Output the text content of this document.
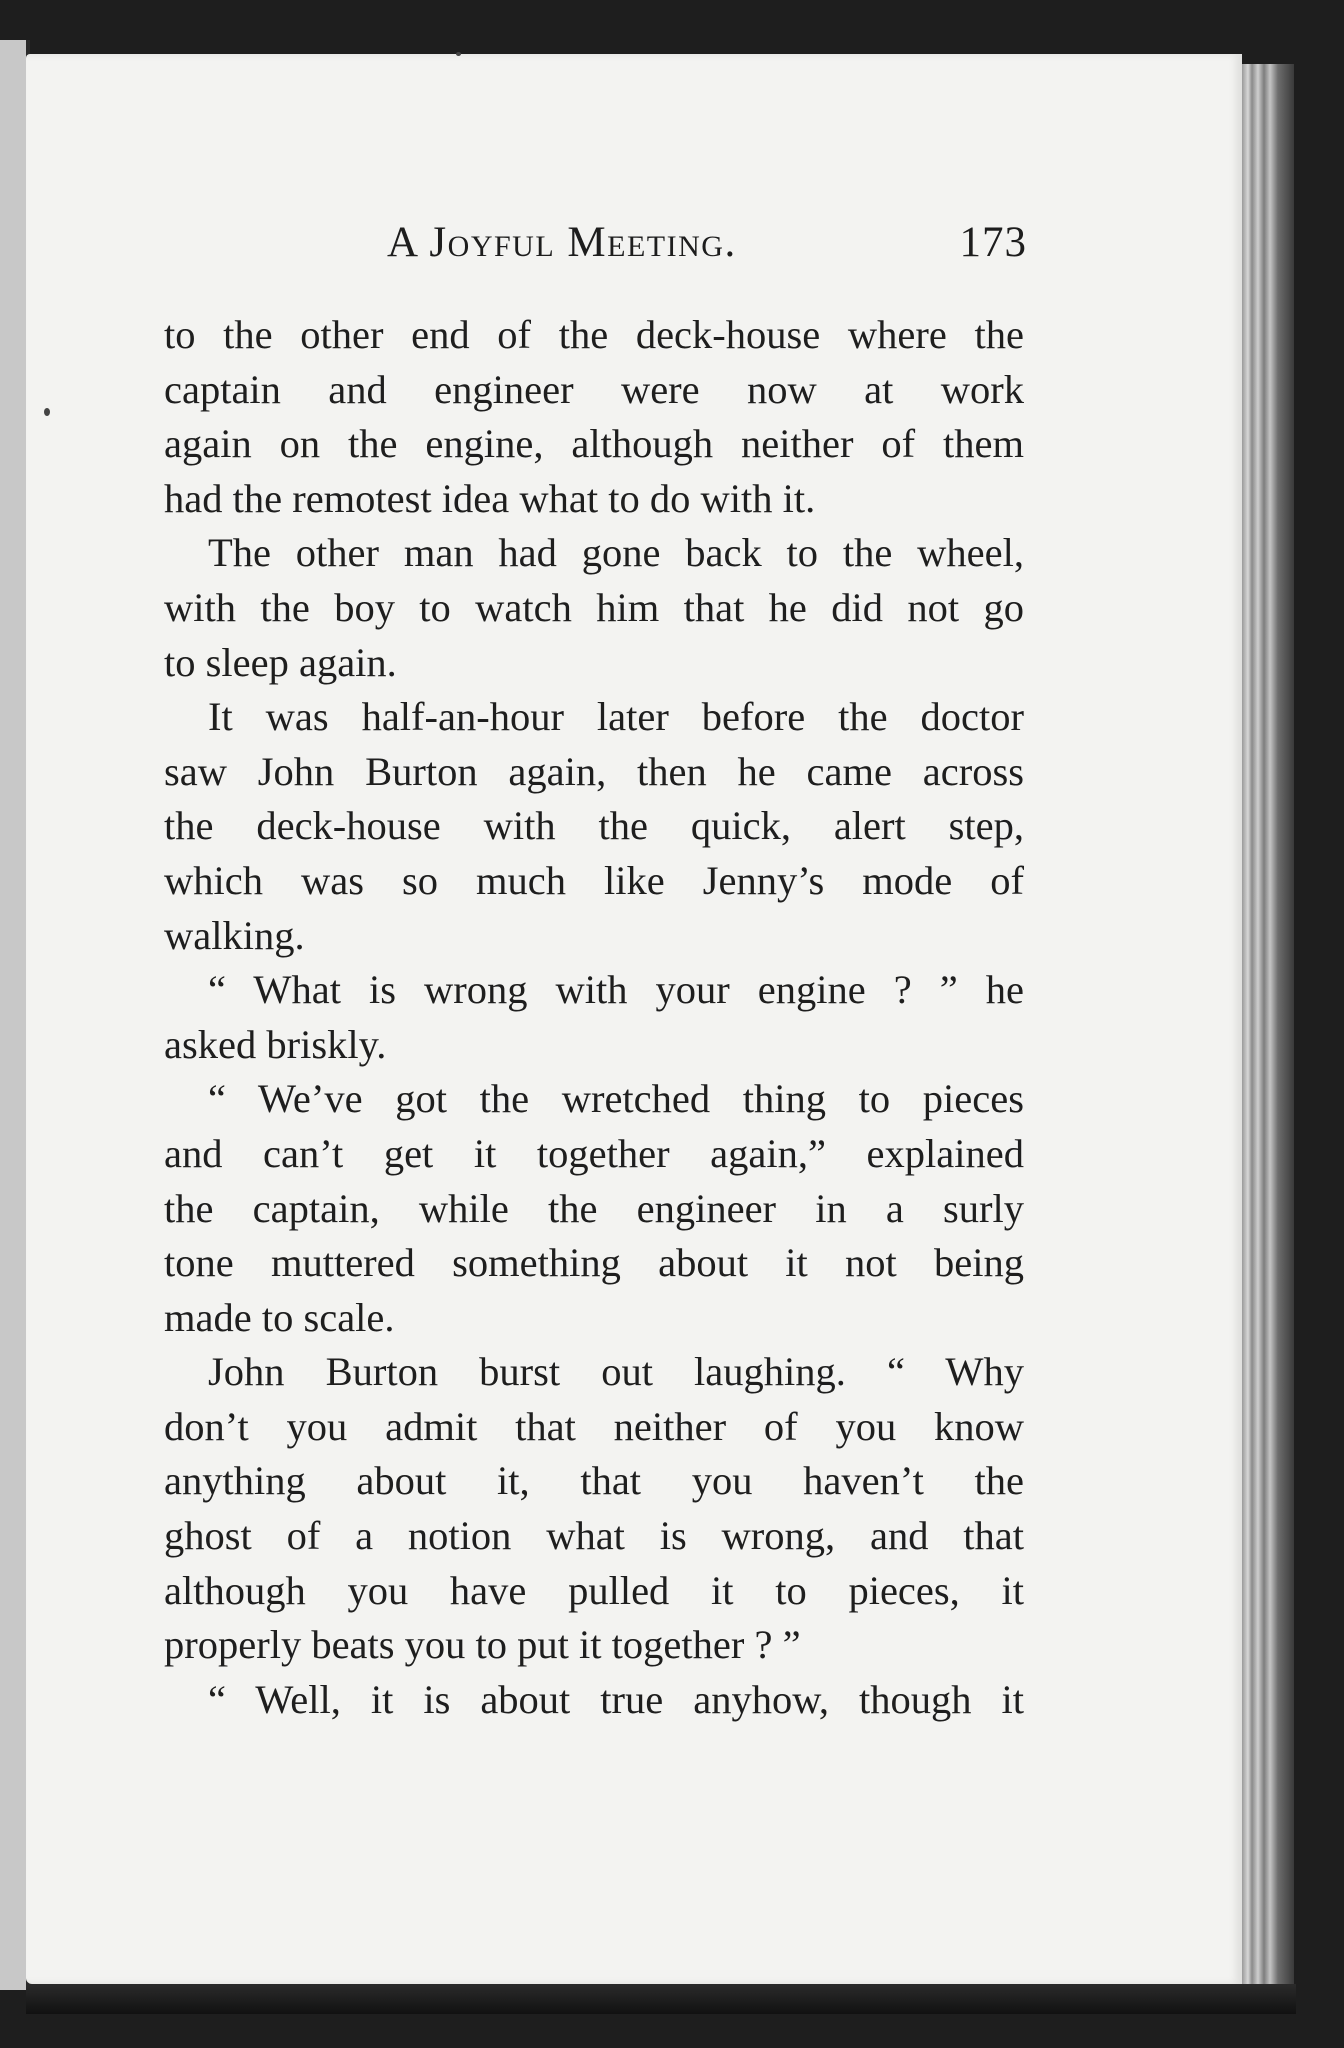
A Joyful Meeting.	173
to the other end of the deck-house where the
captain and engineer were now at work
again on the engine, although neither of them
had the remotest idea what to do with it.
The other man had gone back to the wheel,
with the boy to watch him that he did not go
to sleep again.
It was half-an-hour later before the doctor
saw John Burton again, then he came across
the deck-house with the quick, alert step,
which was so much like Jenny’s mode of
walking.
“ What is wrong with your engine ? ” he
asked briskly.
“ We’ve got the wretched thing to pieces
and can’t get it together again,” explained
the captain, while the engineer in a surly
tone muttered something about it not being
made to scale.
John Burton burst out laughing. “ Why
don’t you admit that neither of you know
anything about it, that you haven’t the
ghost of a notion what is wrong, and that
although you have pulled it to pieces, it
properly beats you to put it together ? ”
“ Well, it is about true anyhow, though it
